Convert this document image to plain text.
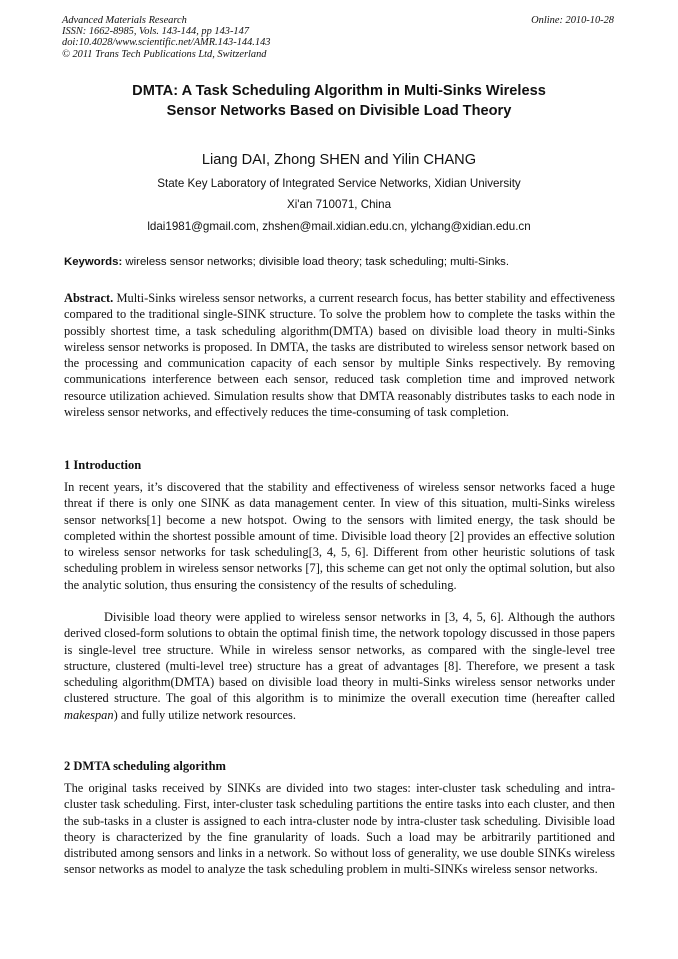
Advanced Materials Research
ISSN: 1662-8985, Vols. 143-144, pp 143-147
doi:10.4028/www.scientific.net/AMR.143-144.143
© 2011 Trans Tech Publications Ltd, Switzerland
Online: 2010-10-28
DMTA: A Task Scheduling Algorithm in Multi-Sinks Wireless
Sensor Networks Based on Divisible Load Theory
Liang DAI, Zhong SHEN and Yilin CHANG
State Key Laboratory of Integrated Service Networks, Xidian University
Xi'an 710071, China
ldai1981@gmail.com, zhshen@mail.xidian.edu.cn, ylchang@xidian.edu.cn
Keywords: wireless sensor networks; divisible load theory; task scheduling; multi-Sinks.
Abstract. Multi-Sinks wireless sensor networks, a current research focus, has better stability and effectiveness compared to the traditional single-SINK structure. To solve the problem how to complete the tasks within the possibly shortest time, a task scheduling algorithm(DMTA) based on divisible load theory in multi-Sinks wireless sensor networks is proposed. In DMTA, the tasks are distributed to wireless sensor network based on the processing and communication capacity of each sensor by multiple Sinks respectively. By removing communications interference between each sensor, reduced task completion time and improved network resource utilization achieved. Simulation results show that DMTA reasonably distributes tasks to each node in wireless sensor networks, and effectively reduces the time-consuming of task completion.
1 Introduction
In recent years, it’s discovered that the stability and effectiveness of wireless sensor networks faced a huge threat if there is only one SINK as data management center. In view of this situation, multi-Sinks wireless sensor networks[1] become a new hotspot. Owing to the sensors with limited energy, the task should be completed within the shortest possible amount of time. Divisible load theory [2] provides an effective solution to wireless sensor networks for task scheduling[3, 4, 5, 6]. Different from other heuristic solutions of task scheduling problem in wireless sensor networks [7], this scheme can get not only the optimal solution, but also the analytic solution, thus ensuring the consistency of the results of scheduling.
Divisible load theory were applied to wireless sensor networks in [3, 4, 5, 6]. Although the authors derived closed-form solutions to obtain the optimal finish time, the network topology discussed in those papers is single-level tree structure. While in wireless sensor networks, as compared with the single-level tree structure, clustered (multi-level tree) structure has a great of advantages [8]. Therefore, we present a task scheduling algorithm(DMTA) based on divisible load theory in multi-Sinks wireless sensor networks under clustered structure. The goal of this algorithm is to minimize the overall execution time (hereafter called makespan) and fully utilize network resources.
2 DMTA scheduling algorithm
The original tasks received by SINKs are divided into two stages: inter-cluster task scheduling and intra-cluster task scheduling. First, inter-cluster task scheduling partitions the entire tasks into each cluster, and then the sub-tasks in a cluster is assigned to each intra-cluster node by intra-cluster task scheduling. Divisible load theory is characterized by the fine granularity of loads. Such a load may be arbitrarily partitioned and distributed among sensors and links in a network. So without loss of generality, we use double SINKs wireless sensor networks as model to analyze the task scheduling problem in multi-SINKs wireless sensor networks.
